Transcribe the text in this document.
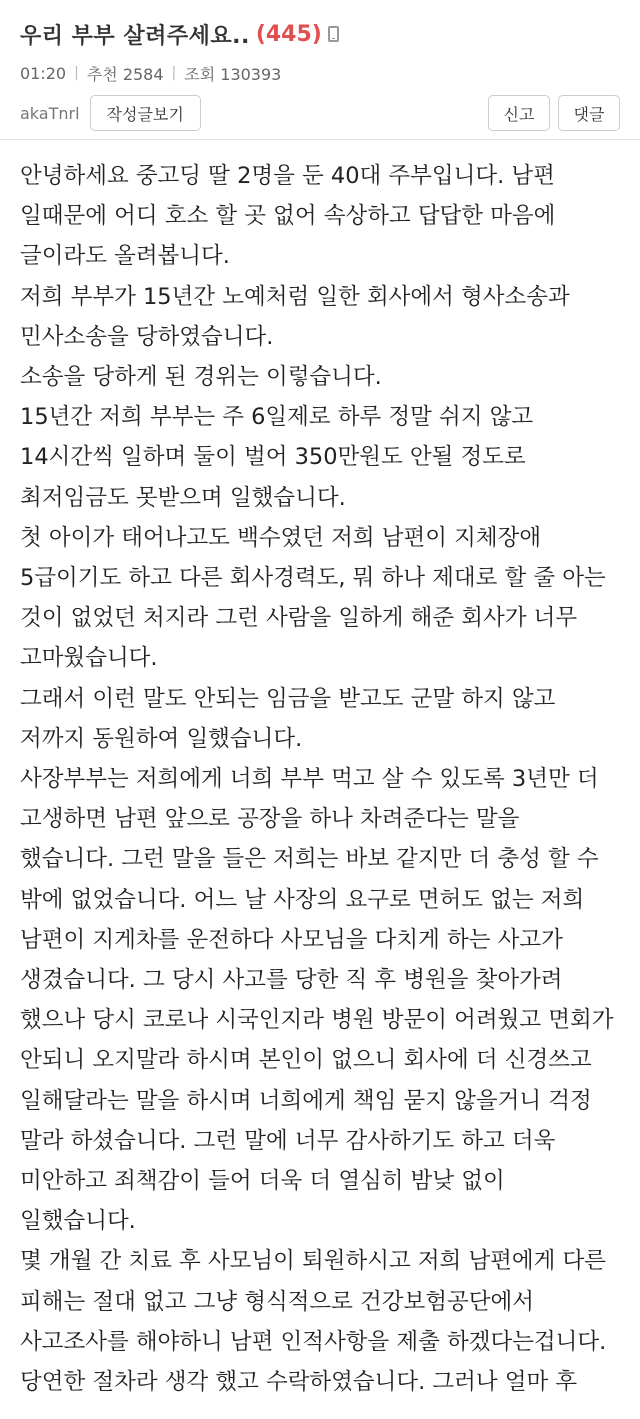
우리 부부 살려주세요.. (445)
01:20 | 추천 2584 | 조회 130393
akaTnrl	작성글보기	신고	댓글

안녕하세요 중고딩 딸 2명을 둔 40대 주부입니다. 남편 일때문에 어디 호소 할 곳 없어 속상하고 답답한 마음에 글이라도 올려봅니다.

저희 부부가 15년간 노예처럼 일한 회사에서 형사소송과 민사소송을 당하였습니다.

소송을 당하게 된 경위는 이렇습니다.

15년간 저희 부부는 주 6일제로 하루 정말 쉬지 않고 14시간씩 일하며 둘이 벌어 350만원도 안될 정도로 최저임금도 못받으며 일했습니다.

첫 아이가 태어나고도 백수였던 저희 남편이 지체장애 5급이기도 하고 다른 회사경력도, 뭐 하나 제대로 할 줄 아는 것이 없었던 처지라 그런 사람을 일하게 해준 회사가 너무 고마웠습니다.

그래서 이런 말도 안되는 임금을 받고도 군말 하지 않고 저까지 동원하여 일했습니다.

사장부부는 저희에게 너희 부부 먹고 살 수 있도록 3년만 더 고생하면 남편 앞으로 공장을 하나 차려준다는 말을 했습니다. 그런 말을 들은 저희는 바보 같지만 더 충성 할 수 밖에 없었습니다. 어느 날 사장의 요구로 면허도 없는 저희 남편이 지게차를 운전하다 사모님을 다치게 하는 사고가 생겼습니다. 그 당시 사고를 당한 직 후 병원을 찾아가려 했으나 당시 코로나 시국인지라 병원 방문이 어려웠고 면회가 안되니 오지말라 하시며 본인이 없으니 회사에 더 신경쓰고 일해달라는 말을 하시며 너희에게 책임 묻지 않을거니 걱정 말라 하셨습니다. 그런 말에 너무 감사하기도 하고 더욱 미안하고 죄책감이 들어 더욱 더 열심히 밤낮 없이 일했습니다.

몇 개월 간 치료 후 사모님이 퇴원하시고 저희 남편에게 다른 피해는 절대 없고 그냥 형식적으로 건강보험공단에서 사고조사를 해야하니 남편 인적사항을 제출 하겠다는겁니다.

당연한 절차라 생각 했고 수락하였습니다. 그러나 얼마 후
